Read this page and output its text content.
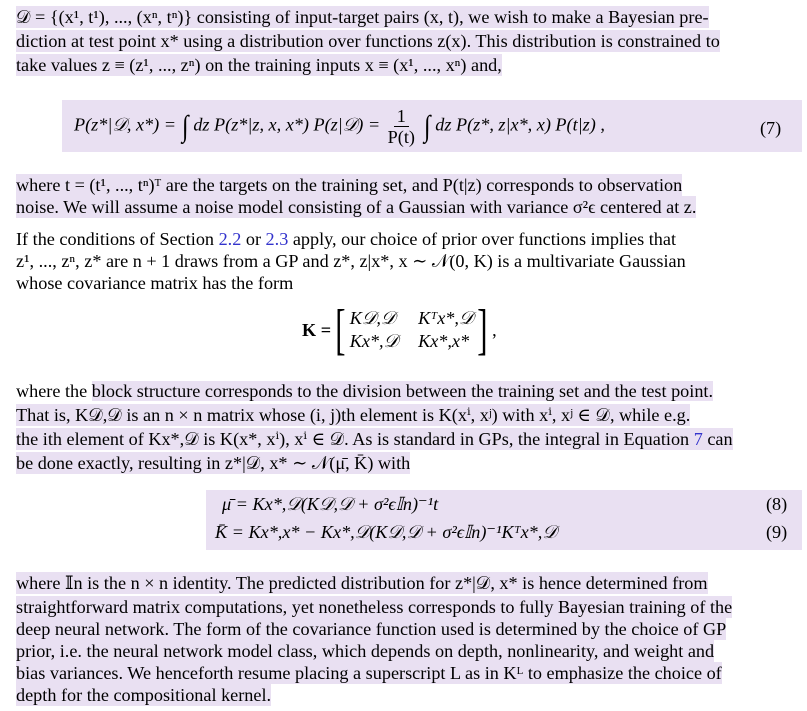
𝒟 = {(x¹, t¹), ..., (xⁿ, tⁿ)} consisting of input-target pairs (x, t), we wish to make a Bayesian pre-
diction at test point x* using a distribution over functions z(x). This distribution is constrained to
take values z ≡ (z¹, ..., zⁿ) on the training inputs x ≡ (x¹, ..., xⁿ) and,
P(z*|𝒟, x*) = ∫ dz P(z*|z, x, x*) P(z|𝒟) = $\frac{1}{P(t)}$ ∫ dz P(z*, z|x*, x) P(t|z) ,	(7)
where t = (t¹, ..., tⁿ)ᵀ are the targets on the training set, and P(t|z) corresponds to observation
noise. We will assume a noise model consisting of a Gaussian with variance σ²ϵ centered at z.
If the conditions of Section 2.2 or 2.3 apply, our choice of prior over functions implies that
z¹, ..., zⁿ, z* are n + 1 draws from a GP and z*, z|x*, x ∼ 𝒩(0, K) is a multivariate Gaussian
whose covariance matrix has the form
K = [ K𝒟,𝒟 Kᵀx*,𝒟
Kx*,𝒟 Kx*,x* ] ,
where the block structure corresponds to the division between the training set and the test point.
That is, K𝒟,𝒟 is an n × n matrix whose (i, j)th element is K(xⁱ, xʲ) with xⁱ, xʲ ∈ 𝒟, while e.g.
the ith element of Kx*,𝒟 is K(x*, xⁱ), xⁱ ∈ 𝒟. As is standard in GPs, the integral in Equation 7 can
be done exactly, resulting in z*|𝒟, x* ∼ 𝒩(μ̄, K̄) with
μ̄ = Kx*,𝒟(K𝒟,𝒟 + σ²ϵ𝕀n)⁻¹t	(8)
K̄ = Kx*,x* − Kx*,𝒟(K𝒟,𝒟 + σ²ϵ𝕀n)⁻¹Kᵀx*,𝒟	(9)
where 𝕀n is the n × n identity. The predicted distribution for z*|𝒟, x* is hence determined from
straightforward matrix computations, yet nonetheless corresponds to fully Bayesian training of the
deep neural network. The form of the covariance function used is determined by the choice of GP
prior, i.e. the neural network model class, which depends on depth, nonlinearity, and weight and
bias variances. We henceforth resume placing a superscript L as in Kᴸ to emphasize the choice of
depth for the compositional kernel.
